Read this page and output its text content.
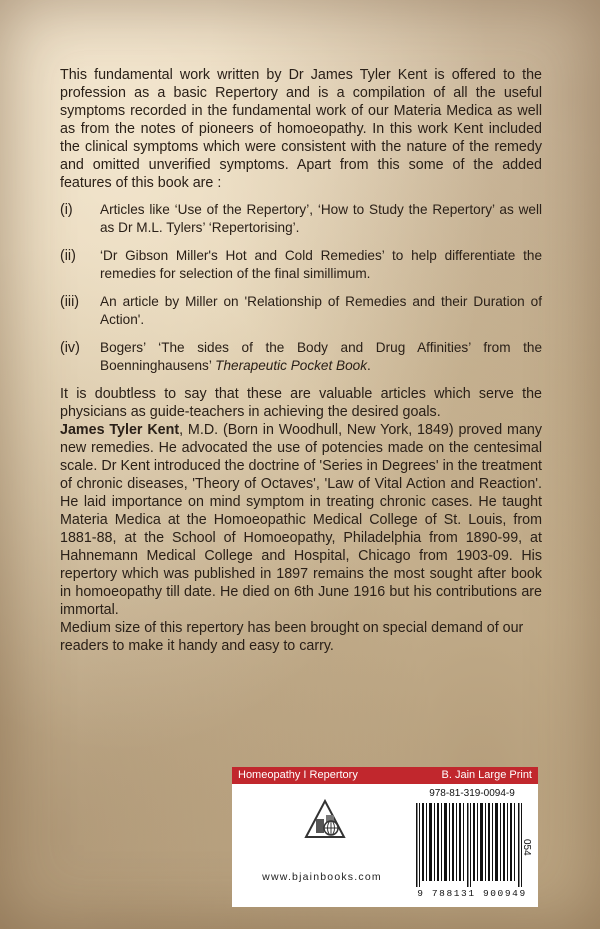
This fundamental work written by Dr James Tyler Kent is offered to the profession as a basic Repertory and is a compilation of all the useful symptoms recorded in the fundamental work of our Materia Medica as well as from the notes of pioneers of homoeopathy. In this work Kent included the clinical symptoms which were consistent with the nature of the remedy and omitted unverified symptoms. Apart from this some of the added features of this book are :

(i)	Articles like ‘Use of the Repertory’, ‘How to Study the Repertory’ as well as Dr M.L. Tylers’ ‘Repertorising’.
(ii)	‘Dr Gibson Miller's Hot and Cold Remedies’ to help differentiate the remedies for selection of the final simillimum.
(iii)	An article by Miller on 'Relationship of Remedies and their Duration of Action'.
(iv)	Bogers’ ‘The sides of the Body and Drug Affinities’ from the Boenninghausens’ Therapeutic Pocket Book.

It is doubtless to say that these are valuable articles which serve the physicians as guide-teachers in achieving the desired goals.

James Tyler Kent, M.D. (Born in Woodhull, New York, 1849) proved many new remedies. He advocated the use of potencies made on the centesimal scale. Dr Kent introduced the doctrine of 'Series in Degrees' in the treatment of chronic diseases, 'Theory of Octaves', 'Law of Vital Action and Reaction'. He laid importance on mind symptom in treating chronic cases. He taught Materia Medica at the Homoeopathic Medical College of St. Louis, from 1881-88, at the School of Homoeopathy, Philadelphia from 1890-99, at Hahnemann Medical College and Hospital, Chicago from 1903-09. His repertory which was published in 1897 remains the most sought after book in homoeopathy till date. He died on 6th June 1916 but his contributions are immortal.

Medium size of this repertory has been brought on special demand of our readers to make it handy and easy to carry.

Homeopathy I Repertory	B. Jain Large Print
www.bjainbooks.com
978-81-319-0094-9
9 788131 900949
054
